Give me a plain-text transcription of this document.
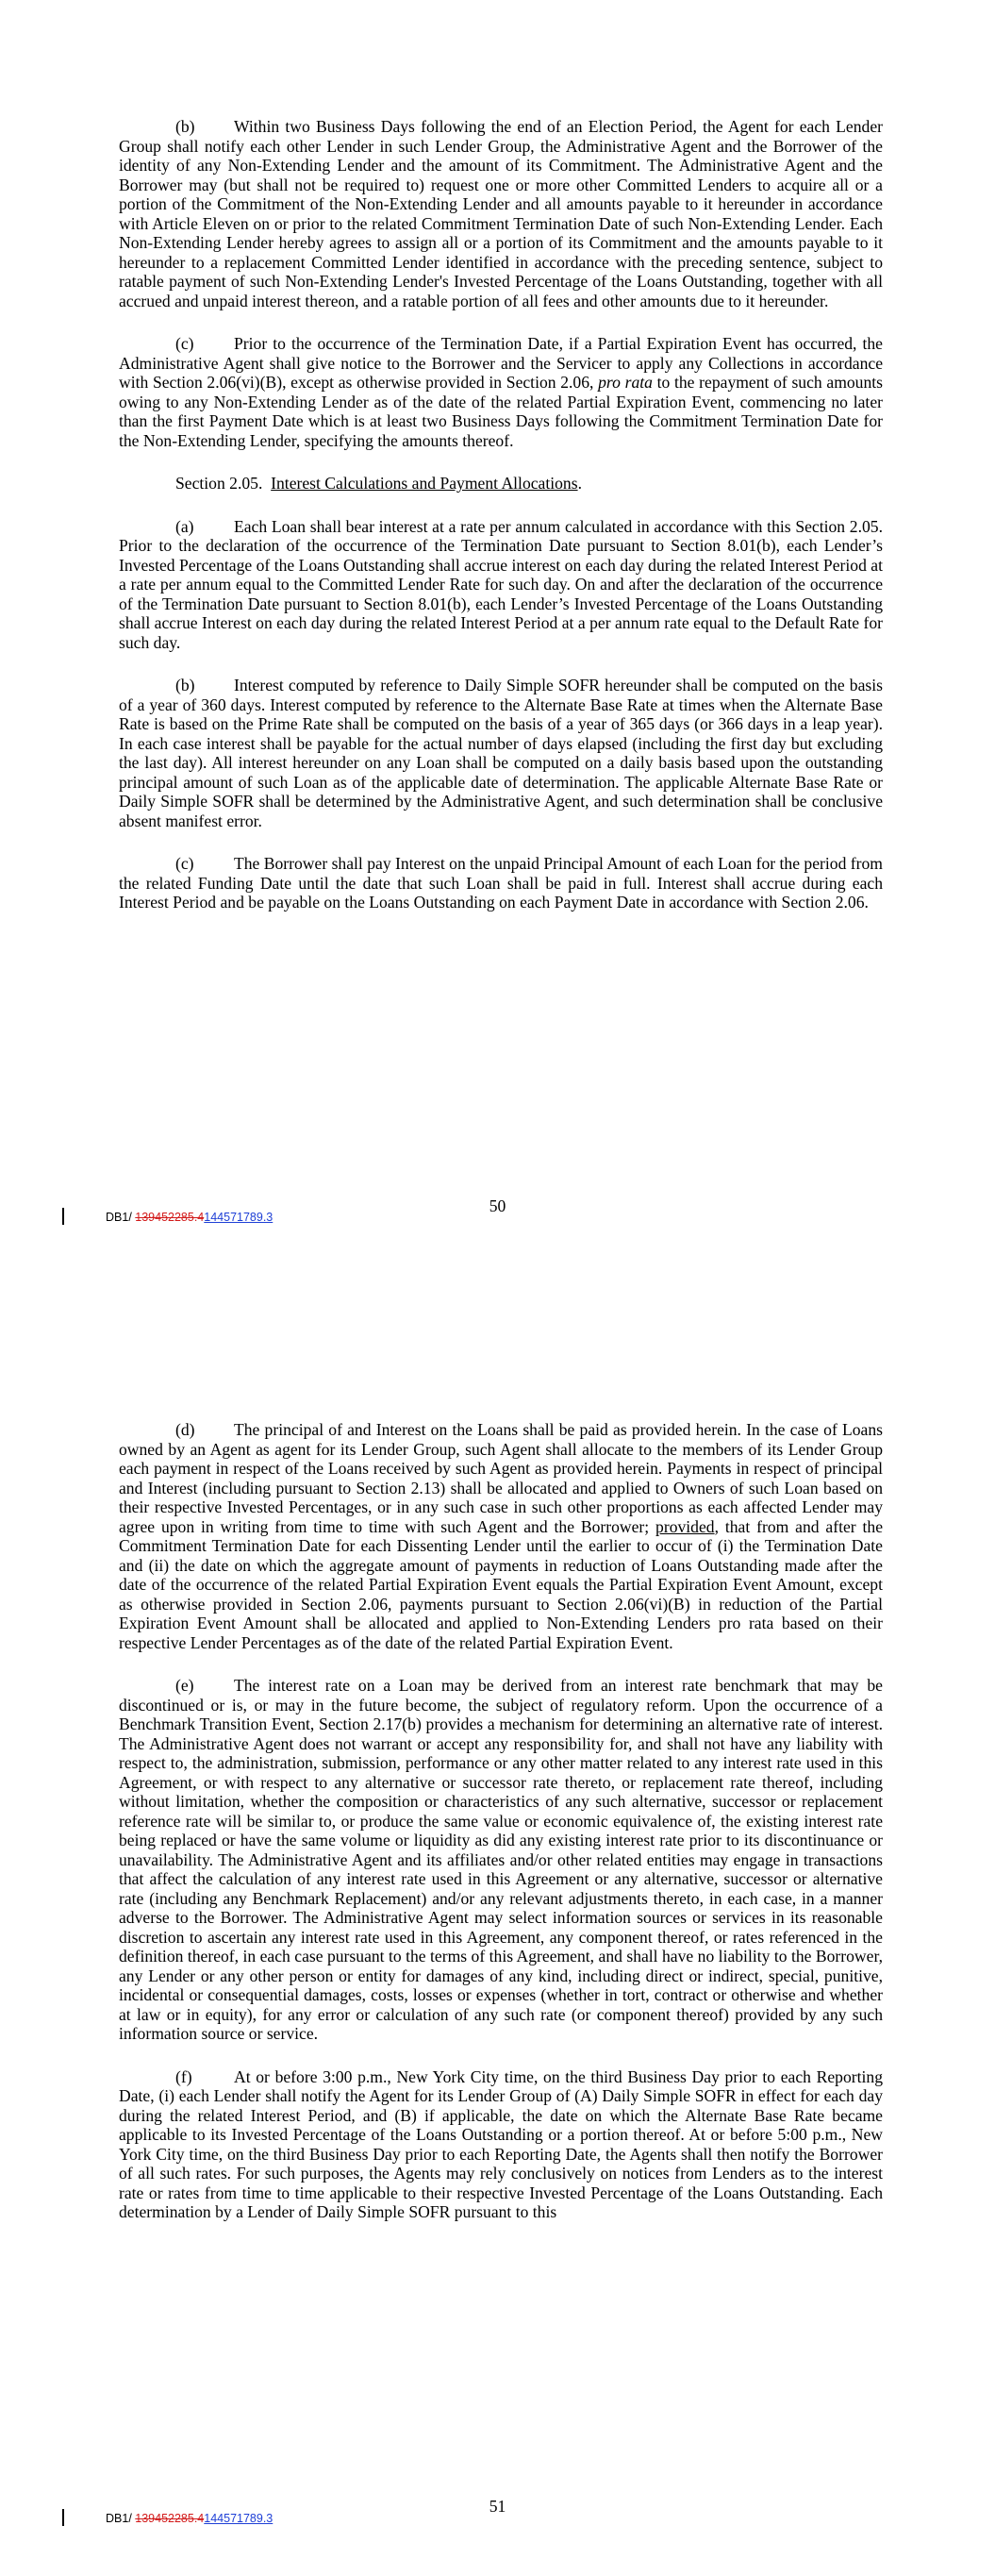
(b) Within two Business Days following the end of an Election Period, the Agent for each Lender Group shall notify each other Lender in such Lender Group, the Administrative Agent and the Borrower of the identity of any Non-Extending Lender and the amount of its Commitment. The Administrative Agent and the Borrower may (but shall not be required to) request one or more other Committed Lenders to acquire all or a portion of the Commitment of the Non-Extending Lender and all amounts payable to it hereunder in accordance with Article Eleven on or prior to the related Commitment Termination Date of such Non-Extending Lender. Each Non-Extending Lender hereby agrees to assign all or a portion of its Commitment and the amounts payable to it hereunder to a replacement Committed Lender identified in accordance with the preceding sentence, subject to ratable payment of such Non-Extending Lender's Invested Percentage of the Loans Outstanding, together with all accrued and unpaid interest thereon, and a ratable portion of all fees and other amounts due to it hereunder.

(c) Prior to the occurrence of the Termination Date, if a Partial Expiration Event has occurred, the Administrative Agent shall give notice to the Borrower and the Servicer to apply any Collections in accordance with Section 2.06(vi)(B), except as otherwise provided in Section 2.06, pro rata to the repayment of such amounts owing to any Non-Extending Lender as of the date of the related Partial Expiration Event, commencing no later than the first Payment Date which is at least two Business Days following the Commitment Termination Date for the Non-Extending Lender, specifying the amounts thereof.

Section 2.05. Interest Calculations and Payment Allocations.

(a) Each Loan shall bear interest at a rate per annum calculated in accordance with this Section 2.05. Prior to the declaration of the occurrence of the Termination Date pursuant to Section 8.01(b), each Lender’s Invested Percentage of the Loans Outstanding shall accrue interest on each day during the related Interest Period at a rate per annum equal to the Committed Lender Rate for such day. On and after the declaration of the occurrence of the Termination Date pursuant to Section 8.01(b), each Lender’s Invested Percentage of the Loans Outstanding shall accrue Interest on each day during the related Interest Period at a per annum rate equal to the Default Rate for such day.

(b) Interest computed by reference to Daily Simple SOFR hereunder shall be computed on the basis of a year of 360 days. Interest computed by reference to the Alternate Base Rate at times when the Alternate Base Rate is based on the Prime Rate shall be computed on the basis of a year of 365 days (or 366 days in a leap year). In each case interest shall be payable for the actual number of days elapsed (including the first day but excluding the last day). All interest hereunder on any Loan shall be computed on a daily basis based upon the outstanding principal amount of such Loan as of the applicable date of determination. The applicable Alternate Base Rate or Daily Simple SOFR shall be determined by the Administrative Agent, and such determination shall be conclusive absent manifest error.

(c) The Borrower shall pay Interest on the unpaid Principal Amount of each Loan for the period from the related Funding Date until the date that such Loan shall be paid in full. Interest shall accrue during each Interest Period and be payable on the Loans Outstanding on each Payment Date in accordance with Section 2.06.

50
DB1/ 139452285.4144571789.3

(d) The principal of and Interest on the Loans shall be paid as provided herein. In the case of Loans owned by an Agent as agent for its Lender Group, such Agent shall allocate to the members of its Lender Group each payment in respect of the Loans received by such Agent as provided herein. Payments in respect of principal and Interest (including pursuant to Section 2.13) shall be allocated and applied to Owners of such Loan based on their respective Invested Percentages, or in any such case in such other proportions as each affected Lender may agree upon in writing from time to time with such Agent and the Borrower; provided, that from and after the Commitment Termination Date for each Dissenting Lender until the earlier to occur of (i) the Termination Date and (ii) the date on which the aggregate amount of payments in reduction of Loans Outstanding made after the date of the occurrence of the related Partial Expiration Event equals the Partial Expiration Event Amount, except as otherwise provided in Section 2.06, payments pursuant to Section 2.06(vi)(B) in reduction of the Partial Expiration Event Amount shall be allocated and applied to Non-Extending Lenders pro rata based on their respective Lender Percentages as of the date of the related Partial Expiration Event.

(e) The interest rate on a Loan may be derived from an interest rate benchmark that may be discontinued or is, or may in the future become, the subject of regulatory reform. Upon the occurrence of a Benchmark Transition Event, Section 2.17(b) provides a mechanism for determining an alternative rate of interest. The Administrative Agent does not warrant or accept any responsibility for, and shall not have any liability with respect to, the administration, submission, performance or any other matter related to any interest rate used in this Agreement, or with respect to any alternative or successor rate thereto, or replacement rate thereof, including without limitation, whether the composition or characteristics of any such alternative, successor or replacement reference rate will be similar to, or produce the same value or economic equivalence of, the existing interest rate being replaced or have the same volume or liquidity as did any existing interest rate prior to its discontinuance or unavailability. The Administrative Agent and its affiliates and/or other related entities may engage in transactions that affect the calculation of any interest rate used in this Agreement or any alternative, successor or alternative rate (including any Benchmark Replacement) and/or any relevant adjustments thereto, in each case, in a manner adverse to the Borrower. The Administrative Agent may select information sources or services in its reasonable discretion to ascertain any interest rate used in this Agreement, any component thereof, or rates referenced in the definition thereof, in each case pursuant to the terms of this Agreement, and shall have no liability to the Borrower, any Lender or any other person or entity for damages of any kind, including direct or indirect, special, punitive, incidental or consequential damages, costs, losses or expenses (whether in tort, contract or otherwise and whether at law or in equity), for any error or calculation of any such rate (or component thereof) provided by any such information source or service.

(f)	At or before 3:00 p.m., New York City time, on the third Business Day prior to each Reporting Date, (i) each Lender shall notify the Agent for its Lender Group of (A) Daily Simple SOFR in effect for each day during the related Interest Period, and (B) if applicable, the date on which the Alternate Base Rate became applicable to its Invested Percentage of the Loans Outstanding or a portion thereof. At or before 5:00 p.m., New York City time, on the third Business Day prior to each Reporting Date, the Agents shall then notify the Borrower of all such rates. For such purposes, the Agents may rely conclusively on notices from Lenders as to the interest rate or rates from time to time applicable to their respective Invested Percentage of the Loans Outstanding. Each determination by a Lender of Daily Simple SOFR pursuant to this

51
DB1/ 139452285.4144571789.3
